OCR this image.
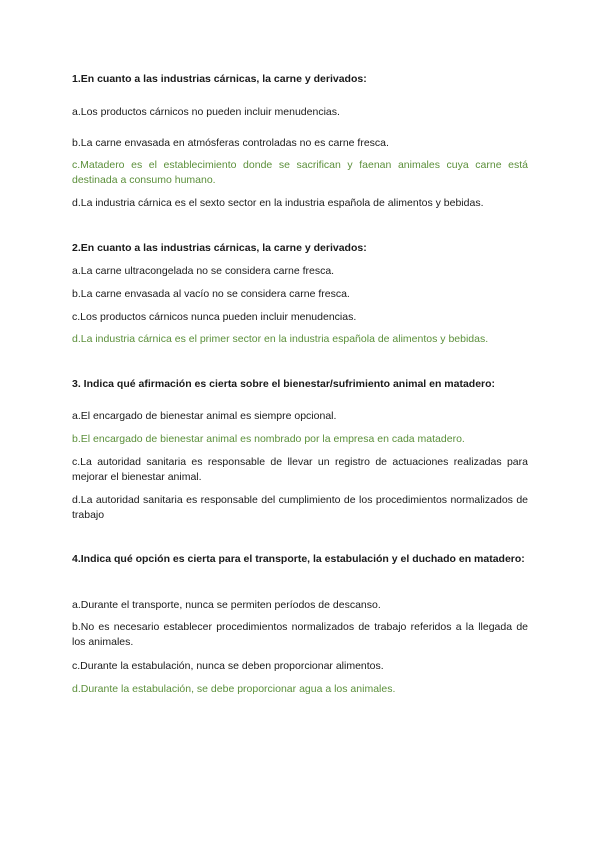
1.En cuanto a las industrias cárnicas, la carne y derivados:

a.Los productos cárnicos no pueden incluir menudencias.

b.La carne envasada en atmósferas controladas no es carne fresca.

c.Matadero es el establecimiento donde se sacrifican y faenan animales cuya carne está destinada a consumo humano.

d.La industria cárnica es el sexto sector en la industria española de alimentos y bebidas.

2.En cuanto a las industrias cárnicas, la carne y derivados:

a.La carne ultracongelada no se considera carne fresca.

b.La carne envasada al vacío no se considera carne fresca.

c.Los productos cárnicos nunca pueden incluir menudencias.

d.La industria cárnica es el primer sector en la industria española de alimentos y bebidas.

3. Indica qué afirmación es cierta sobre el bienestar/sufrimiento animal en matadero:

a.El encargado de bienestar animal es siempre opcional.

b.El encargado de bienestar animal es nombrado por la empresa en cada matadero.

c.La autoridad sanitaria es responsable de llevar un registro de actuaciones realizadas para mejorar el bienestar animal.

d.La autoridad sanitaria es responsable del cumplimiento de los procedimientos normalizados de trabajo

4.Indica qué opción es cierta para el transporte, la estabulación y el duchado en matadero:

a.Durante el transporte, nunca se permiten períodos de descanso.

b.No es necesario establecer procedimientos normalizados de trabajo referidos a la llegada de los animales.

c.Durante la estabulación, nunca se deben proporcionar alimentos.

d.Durante la estabulación, se debe proporcionar agua a los animales.
